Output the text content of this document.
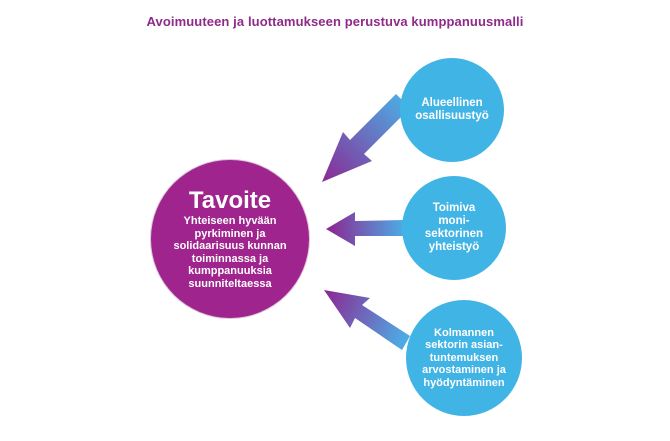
Avoimuuteen ja luottamukseen perustuva kumppanuusmalli
Tavoite
Yhteiseen hyvään
pyrkiminen ja
solidaarisuus kunnan
toiminnassa ja
kumppanuuksia
suunniteltaessa
Alueellinen
osallisuustyö
Toimiva
moni-
sektorinen
yhteistyö
Kolmannen
sektorin asian-
tuntemuksen
arvostaminen ja
hyödyntäminen
